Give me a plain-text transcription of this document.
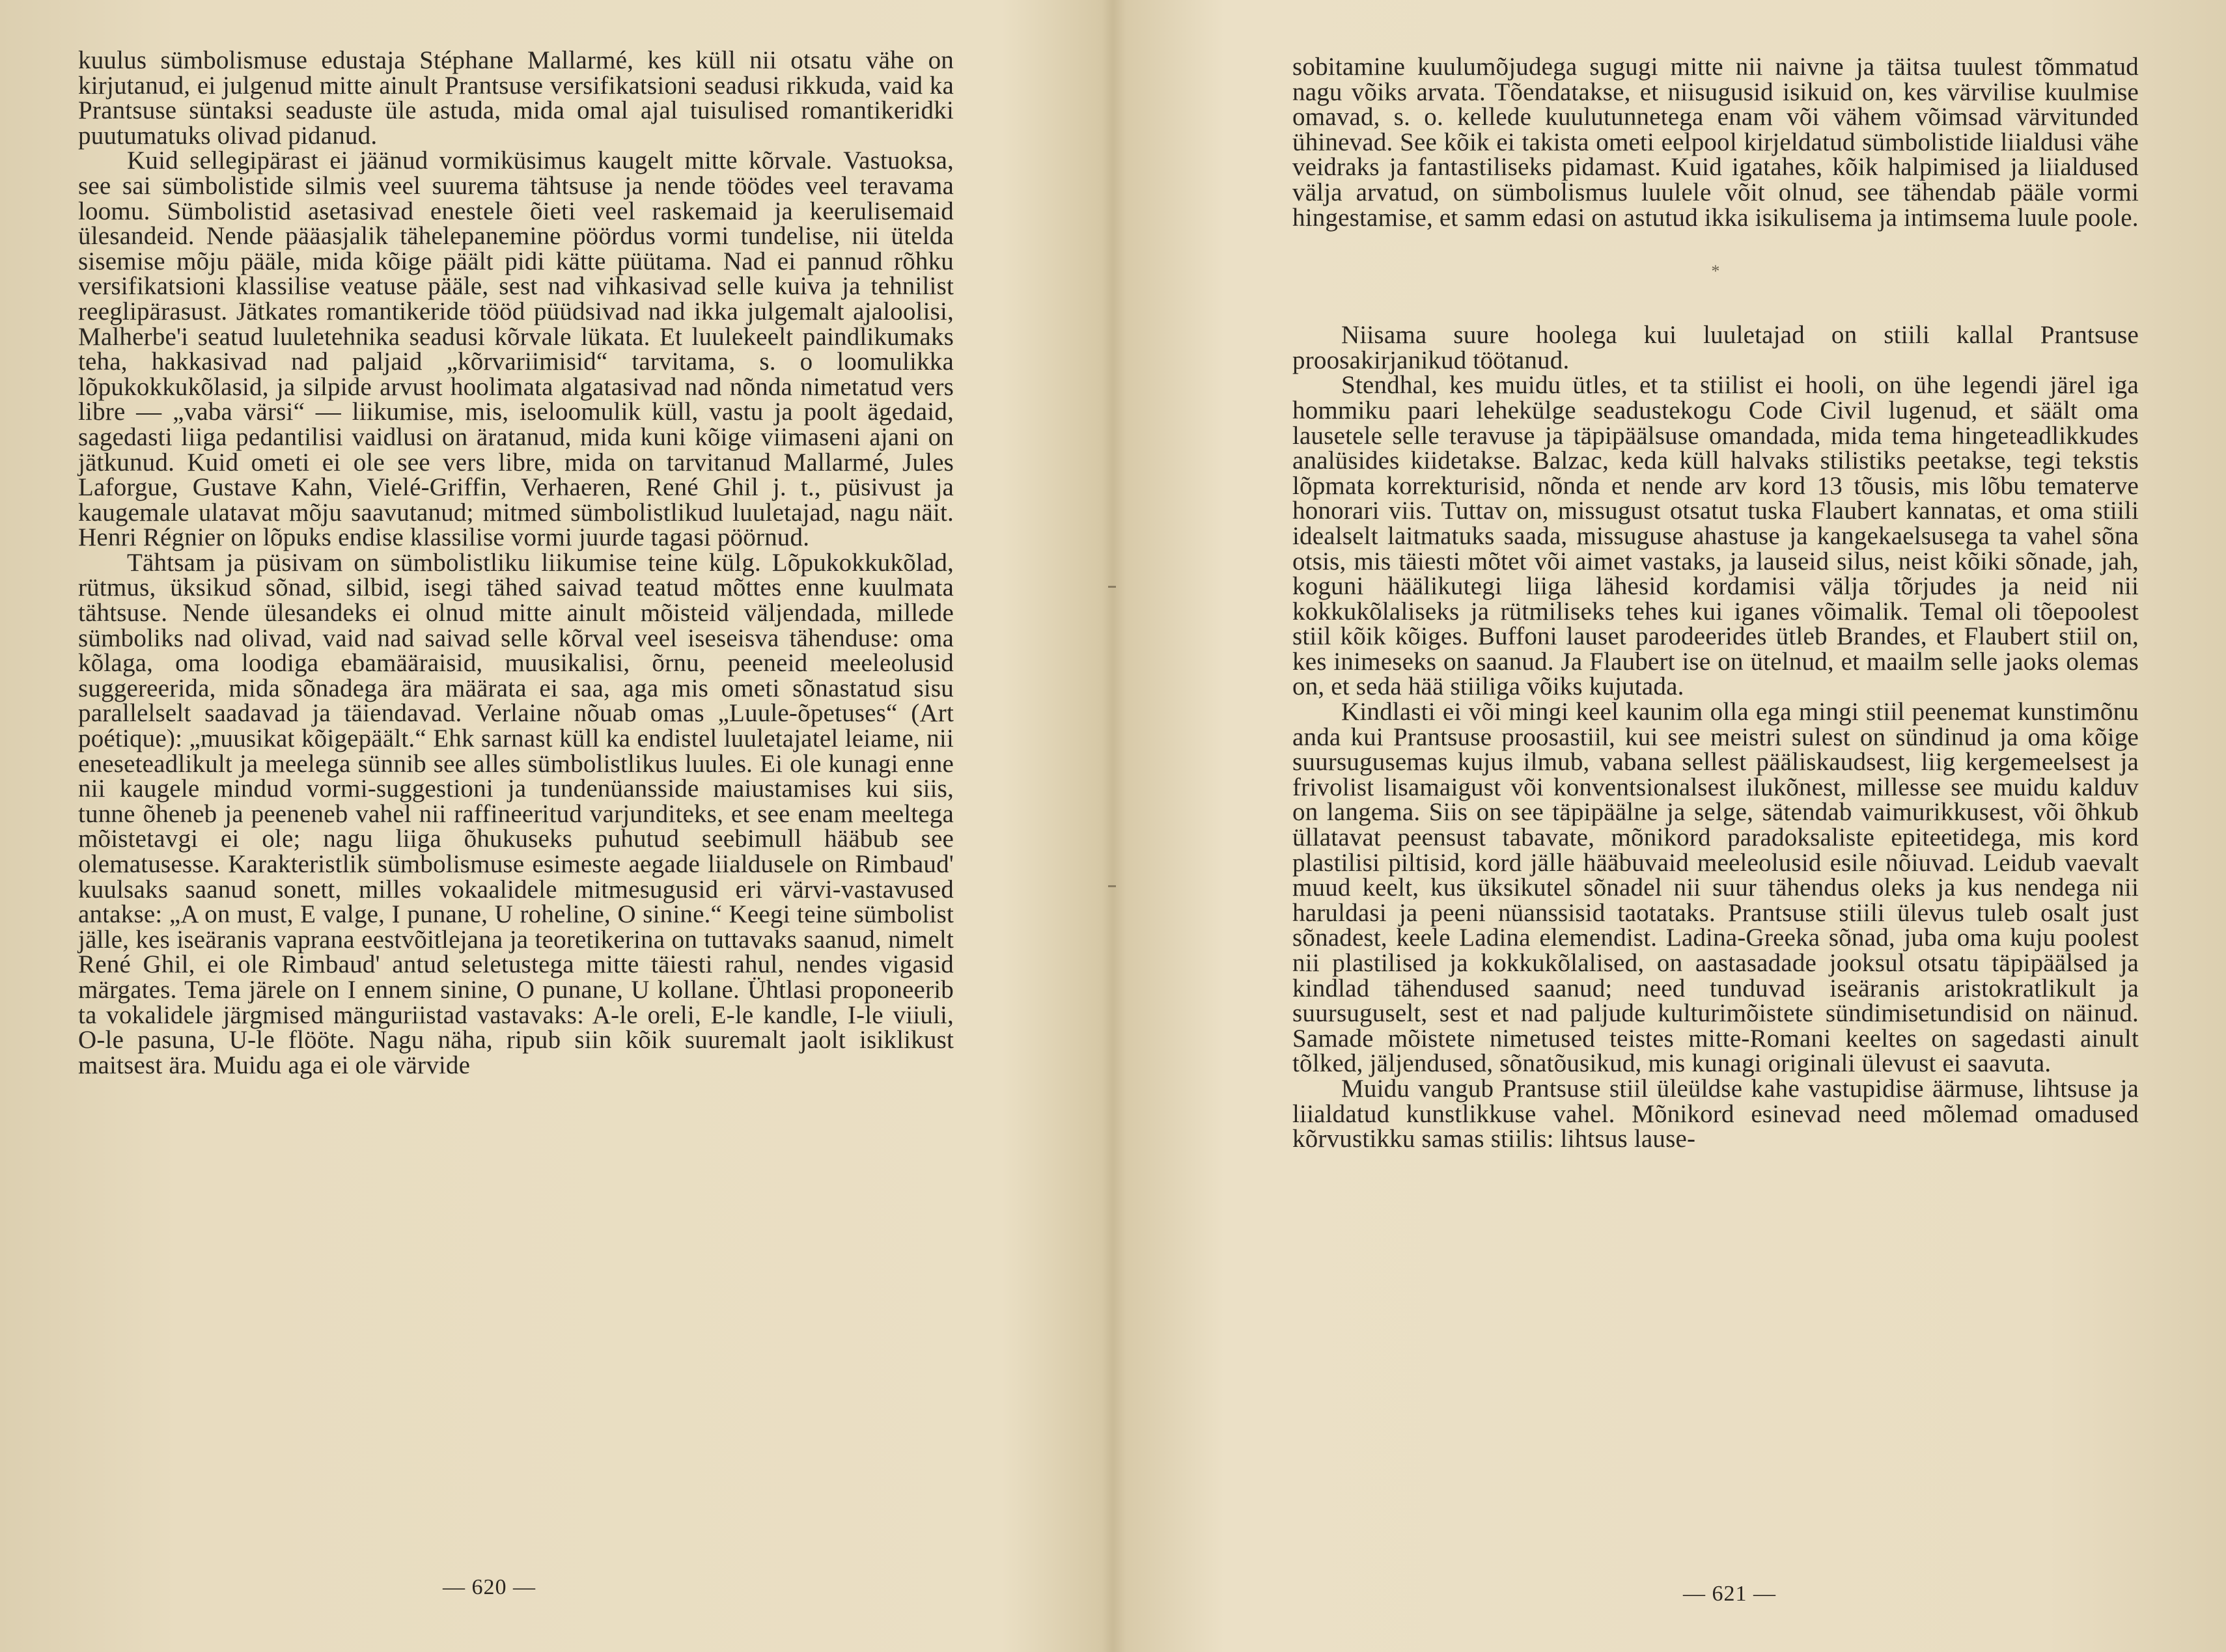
kuulus sümbolismuse edustaja Stéphane Mallarmé, kes küll nii otsatu vähe on kirjutanud, ei julgenud mitte ainult Prantsuse versifikatsioni seadusi rikkuda, vaid ka Prantsuse süntaksi seaduste üle astuda, mida omal ajal tuisulised romantikeridki puutumatuks olivad pidanud.

Kuid sellegipärast ei jäänud vormiküsimus kaugelt mitte kõrvale. Vastuoksa, see sai sümbolistide silmis veel suurema tähtsuse ja nende töödes veel teravama loomu. Sümbolistid asetasivad enestele õieti veel raskemaid ja keerulisemaid ülesandeid. Nende pääasjalik tähelepanemine pöördus vormi tundelise, nii ütelda sisemise mõju pääle, mida kõige päält pidi kätte püütama. Nad ei pannud rõhku versifikatsioni klassilise veatuse pääle, sest nad vihkasivad selle kuiva ja tehnilist reeglipärasust. Jätkates romantikeride tööd püüdsivad nad ikka julgemalt ajaloolisi, Malherbe'i seatud luuletehnika seadusi kõrvale lükata. Et luulekeelt paindlikumaks teha, hakkasivad nad paljaid „kõrvariimisid“ tarvitama, s. o loomulikka lõpukokkukõlasid, ja silpide arvust hoolimata algatasivad nad nõnda nimetatud vers libre — „vaba värsi“ — liikumise, mis, iseloomulik küll, vastu ja poolt ägedaid, sagedasti liiga pedantilisi vaidlusi on äratanud, mida kuni kõige viimaseni ajani on jätkunud. Kuid ometi ei ole see vers libre, mida on tarvitanud Mallarmé, Jules Laforgue, Gustave Kahn, Vielé-Griffin, Verhaeren, René Ghil j. t., püsivust ja kaugemale ulatavat mõju saavutanud; mitmed sümbolistlikud luuletajad, nagu näit. Henri Régnier on lõpuks endise klassilise vormi juurde tagasi pöörnud.

Tähtsam ja püsivam on sümbolistliku liikumise teine külg. Lõpukokkukõlad, rütmus, üksikud sõnad, silbid, isegi tähed saivad teatud mõttes enne kuulmata tähtsuse. Nende ülesandeks ei olnud mitte ainult mõisteid väljendada, millede sümboliks nad olivad, vaid nad saivad selle kõrval veel iseseisva tähenduse: oma kõlaga, oma loodiga ebamääraisid, muusikalisi, õrnu, peeneid meeleolusid suggereerida, mida sõnadega ära määrata ei saa, aga mis ometi sõnastatud sisu parallelselt saadavad ja täiendavad. Verlaine nõuab omas „Luule-õpetuses“ (Art poétique): „muusikat kõigepäält.“ Ehk sarnast küll ka endistel luuletajatel leiame, nii eneseteadlikult ja meelega sünnib see alles sümbolistlikus luules. Ei ole kunagi enne nii kaugele mindud vormi-suggestioni ja tundenüansside maiustamises kui siis, tunne õheneb ja peeneneb vahel nii raffineeritud varjunditeks, et see enam meeltega mõistetavgi ei ole; nagu liiga õhukuseks puhutud seebimull hääbub see olematusesse. Karakteristlik sümbolismuse esimeste aegade liialdusele on Rimbaud' kuulsaks saanud sonett, milles vokaalidele mitmesugusid eri värvi-vastavused antakse: „A on must, E valge, I punane, U roheline, O sinine.“ Keegi teine sümbolist jälle, kes iseäranis vaprana eestvõitlejana ja teoretikerina on tuttavaks saanud, nimelt René Ghil, ei ole Rimbaud' antud seletustega mitte täiesti rahul, nendes vigasid märgates. Tema järele on I ennem sinine, O punane, U kollane. Ühtlasi proponeerib ta vokalidele järgmised mänguriistad vastavaks: A-le oreli, E-le kandle, I-le viiuli, O-le pasuna, U-le flööte. Nagu näha, ripub siin kõik suuremalt jaolt isiklikust maitsest ära. Muidu aga ei ole värvide

— 620 —

sobitamine kuulumõjudega sugugi mitte nii naivne ja täitsa tuulest tõmmatud nagu võiks arvata. Tõendatakse, et niisugusid isikuid on, kes värvilise kuulmise omavad, s. o. kellede kuulutunnetega enam või vähem võimsad värvitunded ühinevad. See kõik ei takista ometi eelpool kirjeldatud sümbolistide liialdusi vähe veidraks ja fantastiliseks pidamast. Kuid igatahes, kõik halpimised ja liialdused välja arvatud, on sümbolismus luulele võit olnud, see tähendab pääle vormi hingestamise, et samm edasi on astutud ikka isikulisema ja intimsema luule poole.

*

Niisama suure hoolega kui luuletajad on stiili kallal Prantsuse proosakirjanikud töötanud.

Stendhal, kes muidu ütles, et ta stiilist ei hooli, on ühe legendi järel iga hommiku paari lehekülge seadustekogu Code Civil lugenud, et säält oma lausetele selle teravuse ja täpipäälsuse omandada, mida tema hingeteadlikkudes analüsides kiidetakse. Balzac, keda küll halvaks stilistiks peetakse, tegi tekstis lõpmata korrekturisid, nõnda et nende arv kord 13 tõusis, mis lõbu tematerve honorari viis. Tuttav on, missugust otsatut tuska Flaubert kannatas, et oma stiili idealselt laitmatuks saada, missuguse ahastuse ja kangekaelsusega ta vahel sõna otsis, mis täiesti mõtet või aimet vastaks, ja lauseid silus, neist kõiki sõnade, jah, koguni häälikutegi liiga lähesid kordamisi välja tõrjudes ja neid nii kokkukõlaliseks ja rütmiliseks tehes kui iganes võimalik. Temal oli tõepoolest stiil kõik kõiges. Buffoni lauset parodeerides ütleb Brandes, et Flaubert stiil on, kes inimeseks on saanud. Ja Flaubert ise on ütelnud, et maailm selle jaoks olemas on, et seda hää stiiliga võiks kujutada.

Kindlasti ei või mingi keel kaunim olla ega mingi stiil peenemat kunstimõnu anda kui Prantsuse proosastiil, kui see meistri sulest on sündinud ja oma kõige suursugusemas kujus ilmub, vabana sellest pääliskaudsest, liig kergemeelsest ja frivolist lisamaigust või konventsionalsest ilukõnest, millesse see muidu kalduv on langema. Siis on see täpipäälne ja selge, sätendab vaimurikkusest, või õhkub üllatavat peensust tabavate, mõnikord paradoksaliste epiteetidega, mis kord plastilisi piltisid, kord jälle hääbuvaid meeleolusid esile nõiuvad. Leidub vaevalt muud keelt, kus üksikutel sõnadel nii suur tähendus oleks ja kus nendega nii haruldasi ja peeni nüanssisid taotataks. Prantsuse stiili ülevus tuleb osalt just sõnadest, keele Ladina elemendist. Ladina-Greeka sõnad, juba oma kuju poolest nii plastilised ja kokkukõlalised, on aastasadade jooksul otsatu täpipäälsed ja kindlad tähendused saanud; need tunduvad iseäranis aristokratlikult ja suursuguselt, sest et nad paljude kulturimõistete sündimisetundisid on näinud. Samade mõistete nimetused teistes mitte-Romani keeltes on sagedasti ainult tõlked, jäljendused, sõnatõusikud, mis kunagi originali ülevust ei saavuta.

Muidu vangub Prantsuse stiil üleüldse kahe vastupidise äärmuse, lihtsuse ja liialdatud kunstlikkuse vahel. Mõnikord esinevad need mõlemad omadused kõrvustikku samas stiilis: lihtsus lause-

— 621 —
